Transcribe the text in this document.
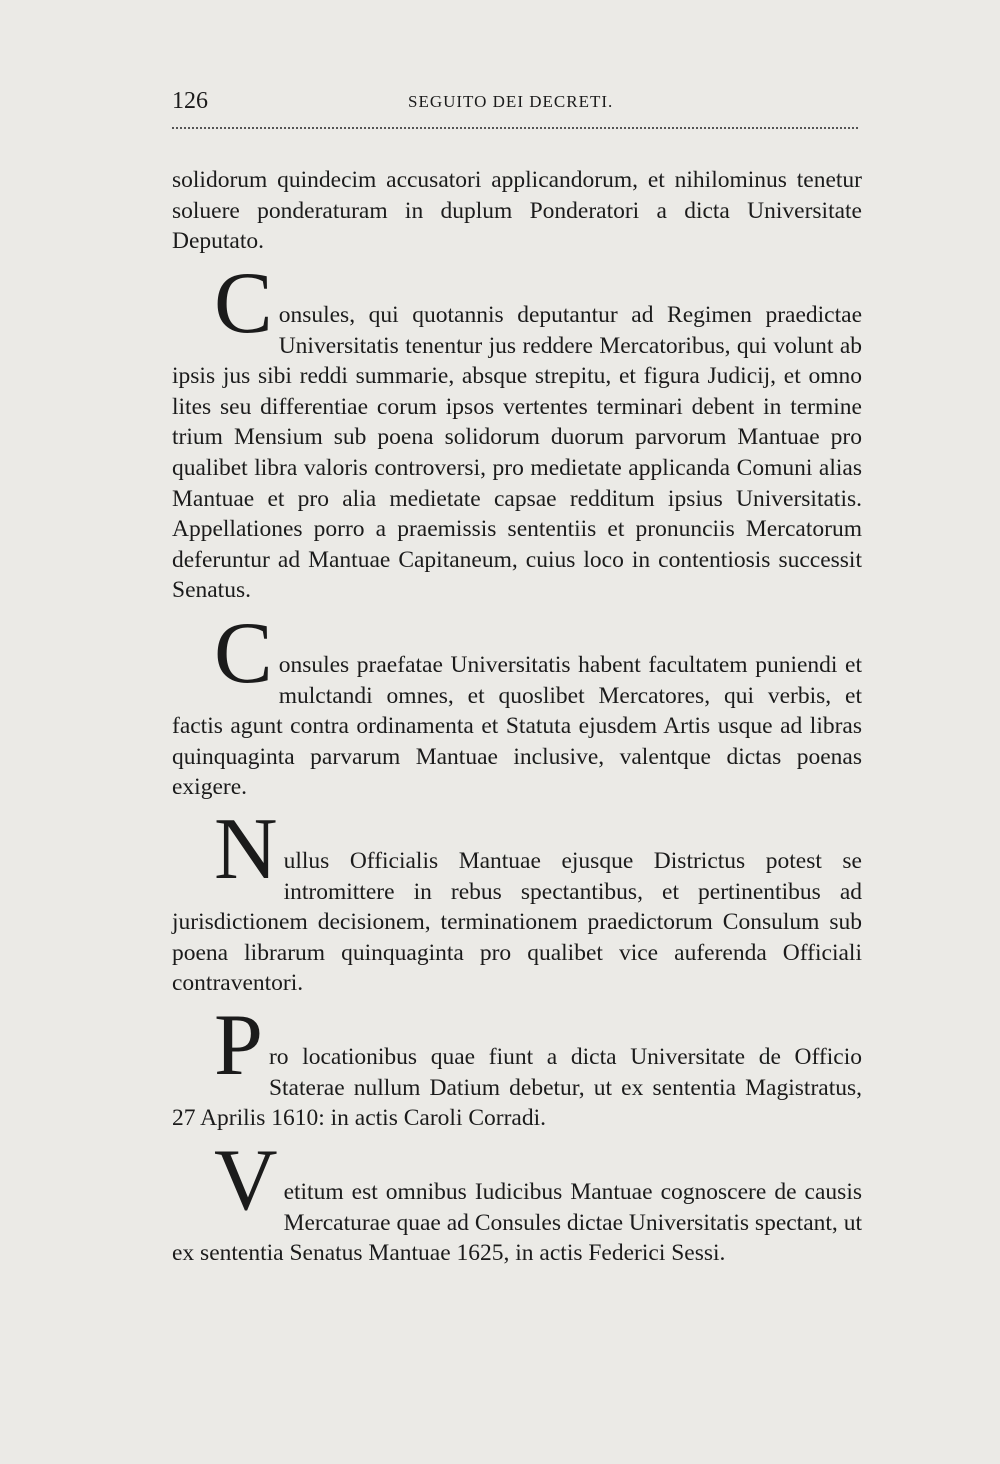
126	SEGUITO DEI DECRETI.

solidorum quindecim accusatori applicandorum, et nihilominus tenetur soluere ponderaturam in duplum Ponderatori a dicta Universitate Deputato.

C onsules, qui quotannis deputantur ad Regimen praedictae Universitatis tenentur jus reddere Mercatoribus, qui volunt ab ipsis jus sibi reddi summarie, absque strepitu, et figura Judicij, et omno lites seu differentiae corum ipsos vertentes terminari debent in termine trium Mensium sub poena solidorum duorum parvorum Mantuae pro qualibet libra valoris controversi, pro medietate applicanda Comuni alias Mantuae et pro alia medietate capsae redditum ipsius Universitatis. Appellationes porro a praemissis sententiis et pronunciis Mercatorum deferuntur ad Mantuae Capitaneum, cuius loco in contentiosis successit Senatus.

C onsules praefatae Universitatis habent facultatem puniendi et mulctandi omnes, et quoslibet Mercatores, qui verbis, et factis agunt contra ordinamenta et Statuta ejusdem Artis usque ad libras quinquaginta parvarum Mantuae inclusive, valentque dictas poenas exigere.

N ullus Officialis Mantuae ejusque Districtus potest se intromittere in rebus spectantibus, et pertinentibus ad jurisdictionem decisionem, terminationem praedictorum Consulum sub poena librarum quinquaginta pro qualibet vice auferenda Officiali contraventori.

P ro locationibus quae fiunt a dicta Universitate de Officio Staterae nullum Datium debetur, ut ex sententia Magistratus, 27 Aprilis 1610: in actis Caroli Corradi.

V etitum est omnibus Iudicibus Mantuae cognoscere de causis Mercaturae quae ad Consules dictae Universitatis spectant, ut ex sententia Senatus Mantuae 1625, in actis Federici Sessi.
